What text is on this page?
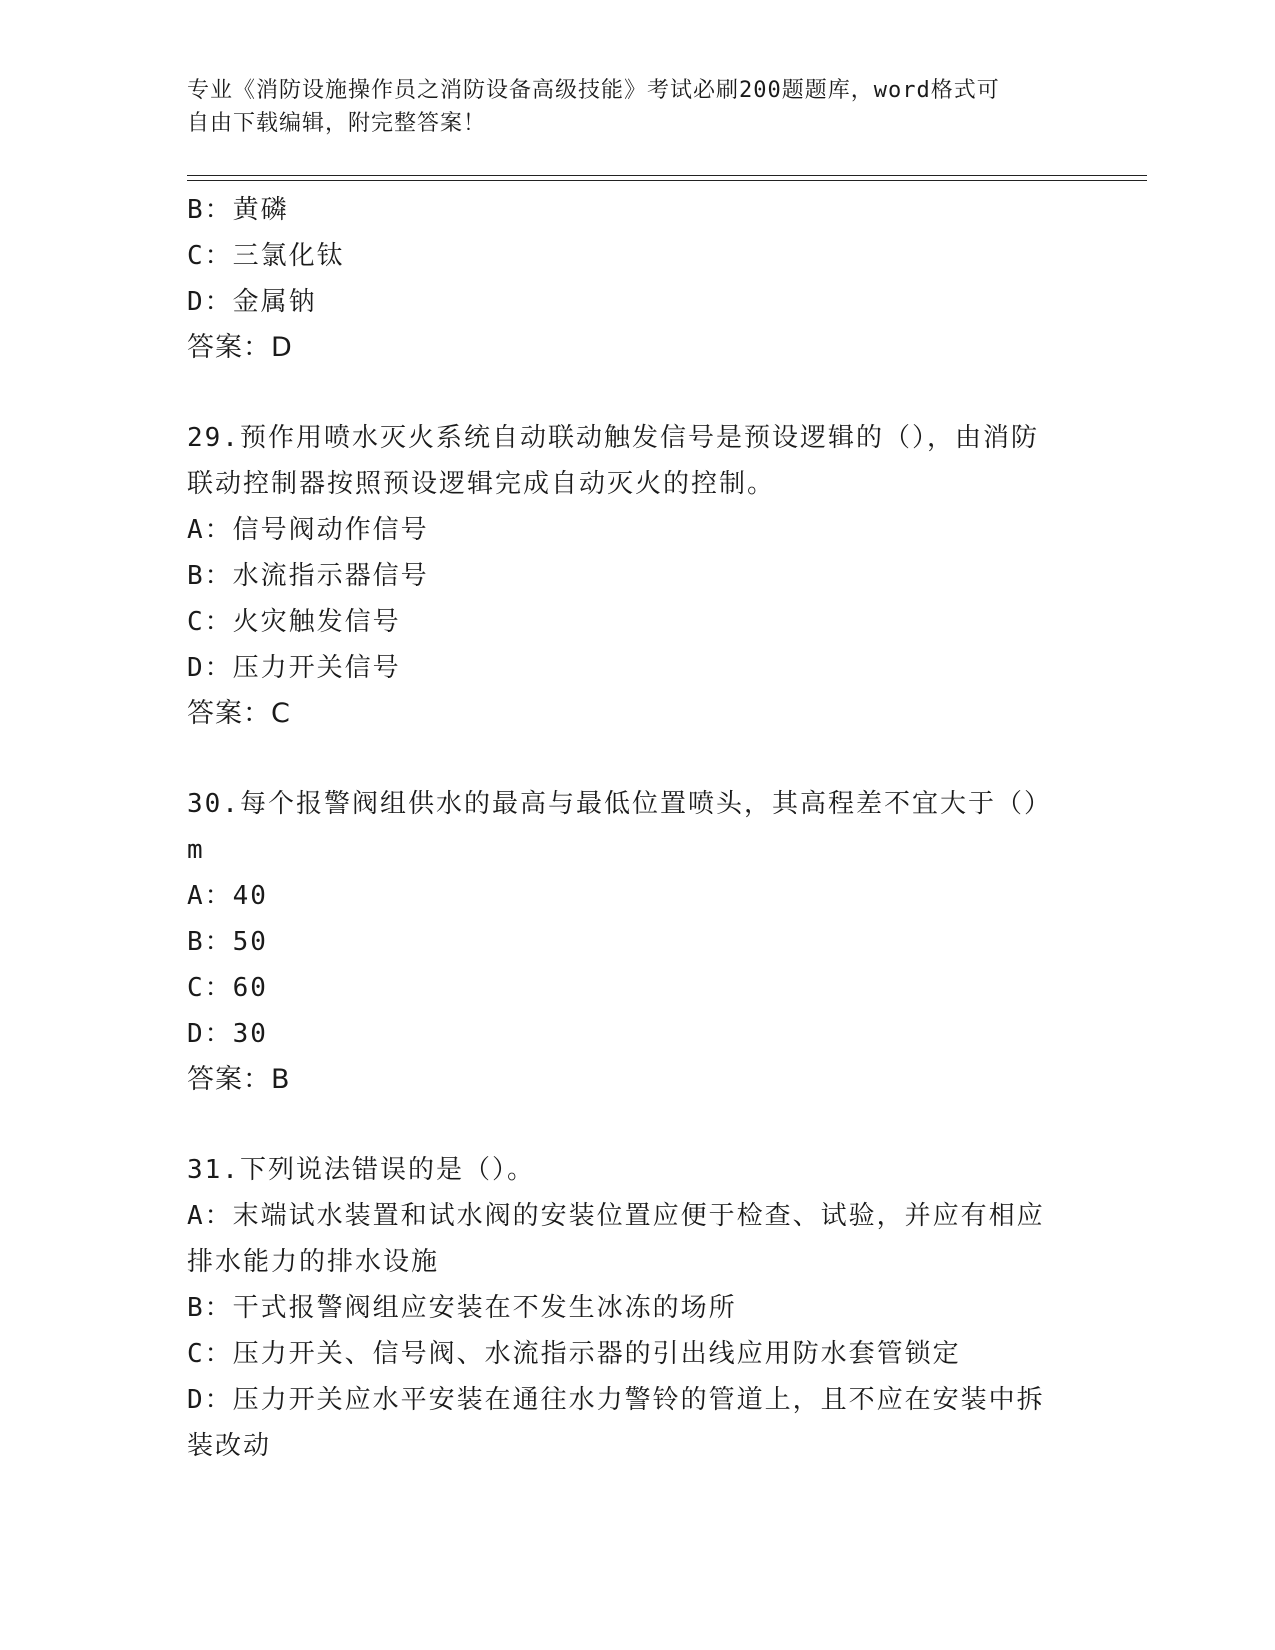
专业《消防设施操作员之消防设备高级技能》考试必刷200题题库，word格式可
自由下载编辑，附完整答案！
B：黄磷
C：三氯化钛
D：金属钠
答案：D
29.预作用喷水灭火系统自动联动触发信号是预设逻辑的（），由消防
联动控制器按照预设逻辑完成自动灭火的控制。
A：信号阀动作信号
B：水流指示器信号
C：火灾触发信号
D：压力开关信号
答案：C
30.每个报警阀组供水的最高与最低位置喷头，其高程差不宜大于（）
m
A：40
B：50
C：60
D：30
答案：B
31.下列说法错误的是（）。
A：末端试水装置和试水阀的安装位置应便于检查、试验，并应有相应
排水能力的排水设施
B：干式报警阀组应安装在不发生冰冻的场所
C：压力开关、信号阀、水流指示器的引出线应用防水套管锁定
D：压力开关应水平安装在通往水力警铃的管道上，且不应在安装中拆
装改动
